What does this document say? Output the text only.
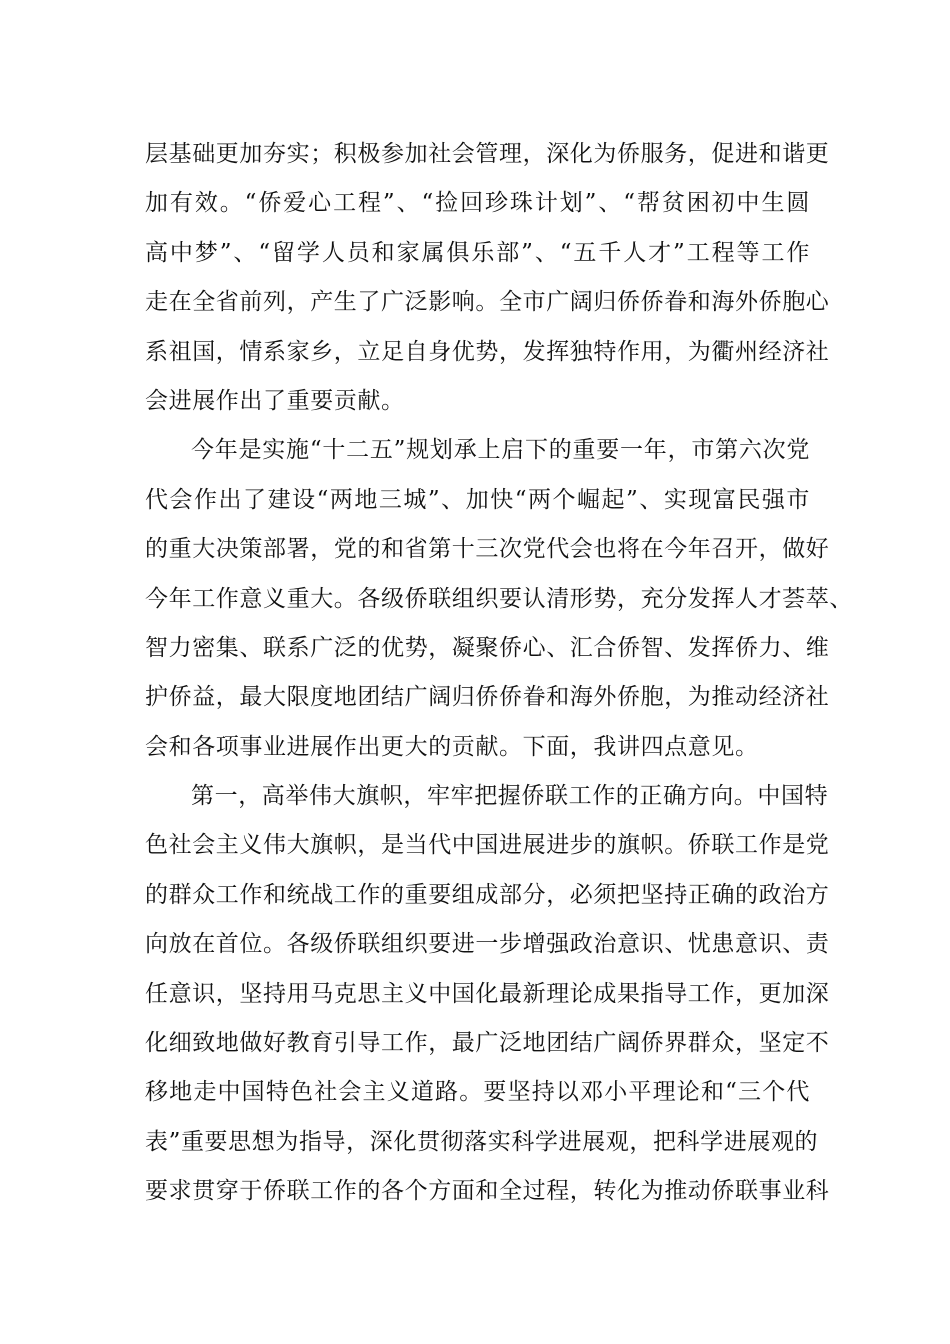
层基础更加夯实；积极参加社会管理，深化为侨服务，促进和谐更
加有效。“侨爱心工程”、“捡回珍珠计划”、“帮贫困初中生圆
高中梦”、“留学人员和家属俱乐部”、“五千人才”工程等工作
走在全省前列，产生了广泛影响。全市广阔归侨侨眷和海外侨胞心
系祖国，情系家乡，立足自身优势，发挥独特作用，为衢州经济社
会进展作出了重要贡献。
今年是实施“十二五”规划承上启下的重要一年，市第六次党
代会作出了建设“两地三城”、加快“两个崛起”、实现富民强市
的重大决策部署，党的和省第十三次党代会也将在今年召开，做好
今年工作意义重大。各级侨联组织要认清形势，充分发挥人才荟萃、
智力密集、联系广泛的优势，凝聚侨心、汇合侨智、发挥侨力、维
护侨益，最大限度地团结广阔归侨侨眷和海外侨胞，为推动经济社
会和各项事业进展作出更大的贡献。下面，我讲四点意见。
第一，高举伟大旗帜，牢牢把握侨联工作的正确方向。中国特
色社会主义伟大旗帜，是当代中国进展进步的旗帜。侨联工作是党
的群众工作和统战工作的重要组成部分，必须把坚持正确的政治方
向放在首位。各级侨联组织要进一步增强政治意识、忧患意识、责
任意识，坚持用马克思主义中国化最新理论成果指导工作，更加深
化细致地做好教育引导工作，最广泛地团结广阔侨界群众，坚定不
移地走中国特色社会主义道路。要坚持以邓小平理论和“三个代
表”重要思想为指导，深化贯彻落实科学进展观，把科学进展观的
要求贯穿于侨联工作的各个方面和全过程，转化为推动侨联事业科
